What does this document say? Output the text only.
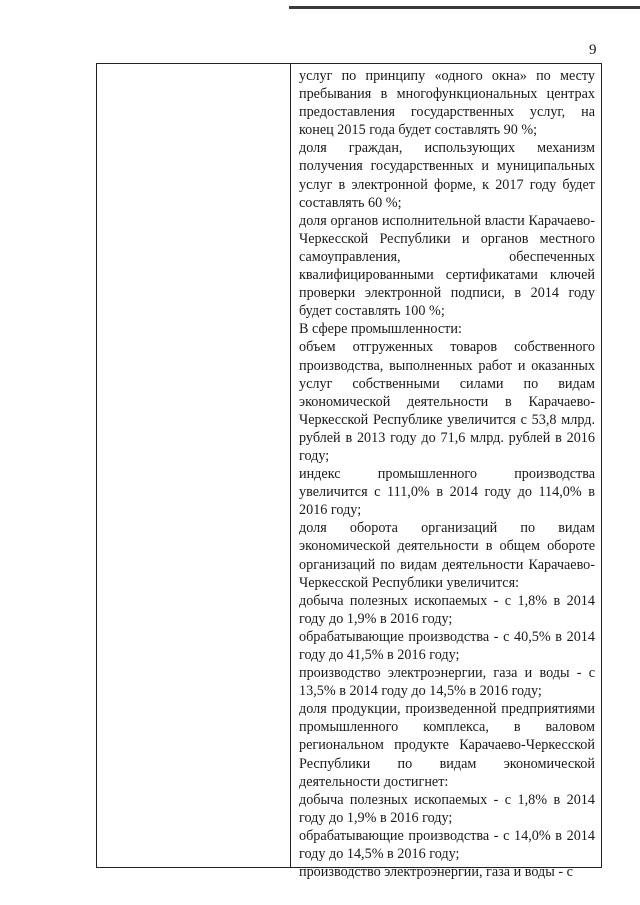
9

услуг по принципу «одного окна» по месту пребывания в многофункциональных центрах предоставления государственных услуг, на конец 2015 года будет составлять 90 %;

доля граждан, использующих механизм получения государственных и муниципальных услуг в электронной форме, к 2017 году будет составлять 60 %;

доля органов исполнительной власти Карачаево-Черкесской Республики и органов местного самоуправления, обеспеченных квалифицированными сертификатами ключей проверки электронной подписи, в 2014 году будет составлять 100 %;

В сфере промышленности:

объем отгруженных товаров собственного производства, выполненных работ и оказанных услуг собственными силами по видам экономической деятельности в Карачаево-Черкесской Республике увеличится с 53,8 млрд. рублей в 2013 году до 71,6 млрд. рублей в 2016 году;

индекс промышленного производства увеличится с 111,0% в 2014 году до 114,0% в 2016 году;

доля оборота организаций по видам экономической деятельности в общем обороте организаций по видам деятельности Карачаево-Черкесской Республики увеличится:

добыча полезных ископаемых - с 1,8% в 2014 году до 1,9% в 2016 году;

обрабатывающие производства - с 40,5% в 2014 году до 41,5% в 2016 году;

производство электроэнергии, газа и воды - с 13,5% в 2014 году до 14,5% в 2016 году;

доля продукции, произведенной предприятиями промышленного комплекса, в валовом региональном продукте Карачаево-Черкесской Республики по видам экономической деятельности достигнет:

добыча полезных ископаемых - с 1,8% в 2014 году до 1,9% в 2016 году;

обрабатывающие производства - с 14,0% в 2014 году до 14,5% в 2016 году;

производство электроэнергии, газа и воды - с
